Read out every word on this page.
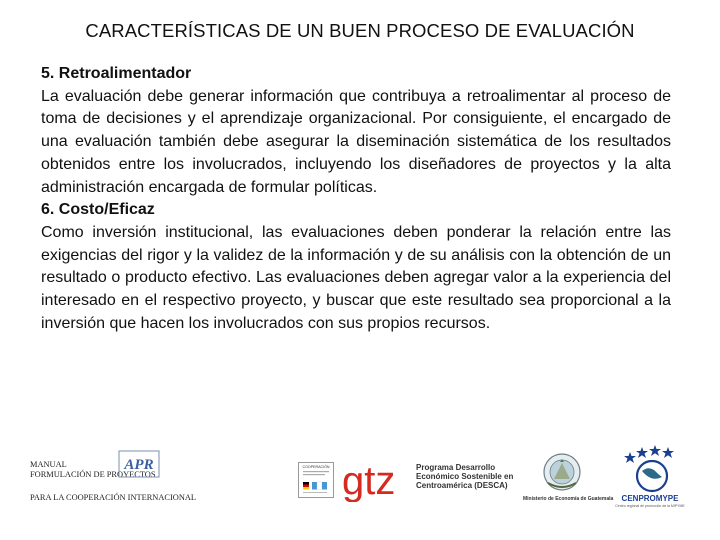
CARACTERÍSTICAS DE UN BUEN PROCESO DE EVALUACIÓN
5. Retroalimentador
La evaluación debe generar información que contribuya a retroalimentar al proceso de toma de decisiones y el aprendizaje organizacional. Por consiguiente, el encargado de una evaluación también debe asegurar la diseminación sistemática de los resultados obtenidos entre los involucrados, incluyendo los diseñadores de proyectos y la alta administración encargada de formular políticas.
6. Costo/Eficaz
Como inversión institucional, las evaluaciones deben ponderar la relación entre las exigencias del rigor y la validez de la información y de su análisis con la obtención de un resultado o producto efectivo. Las evaluaciones deben agregar valor a la experiencia del interesado en el respectivo proyecto, y buscar que este resultado sea proporcional a la inversión que hacen los involucrados con sus propios recursos.
MANUAL
FORMULACIÓN DE PROYECTOS
PARA LA COOPERACIÓN INTERNACIONAL
APR	COOPERACIÓN gtz	Programa Desarrollo Económico Sostenible en Centroamérica (DESCA)
Ministerio de Economía de Guatemala	CENPROMYPE
Centro regional de promoción de la MIPYME
